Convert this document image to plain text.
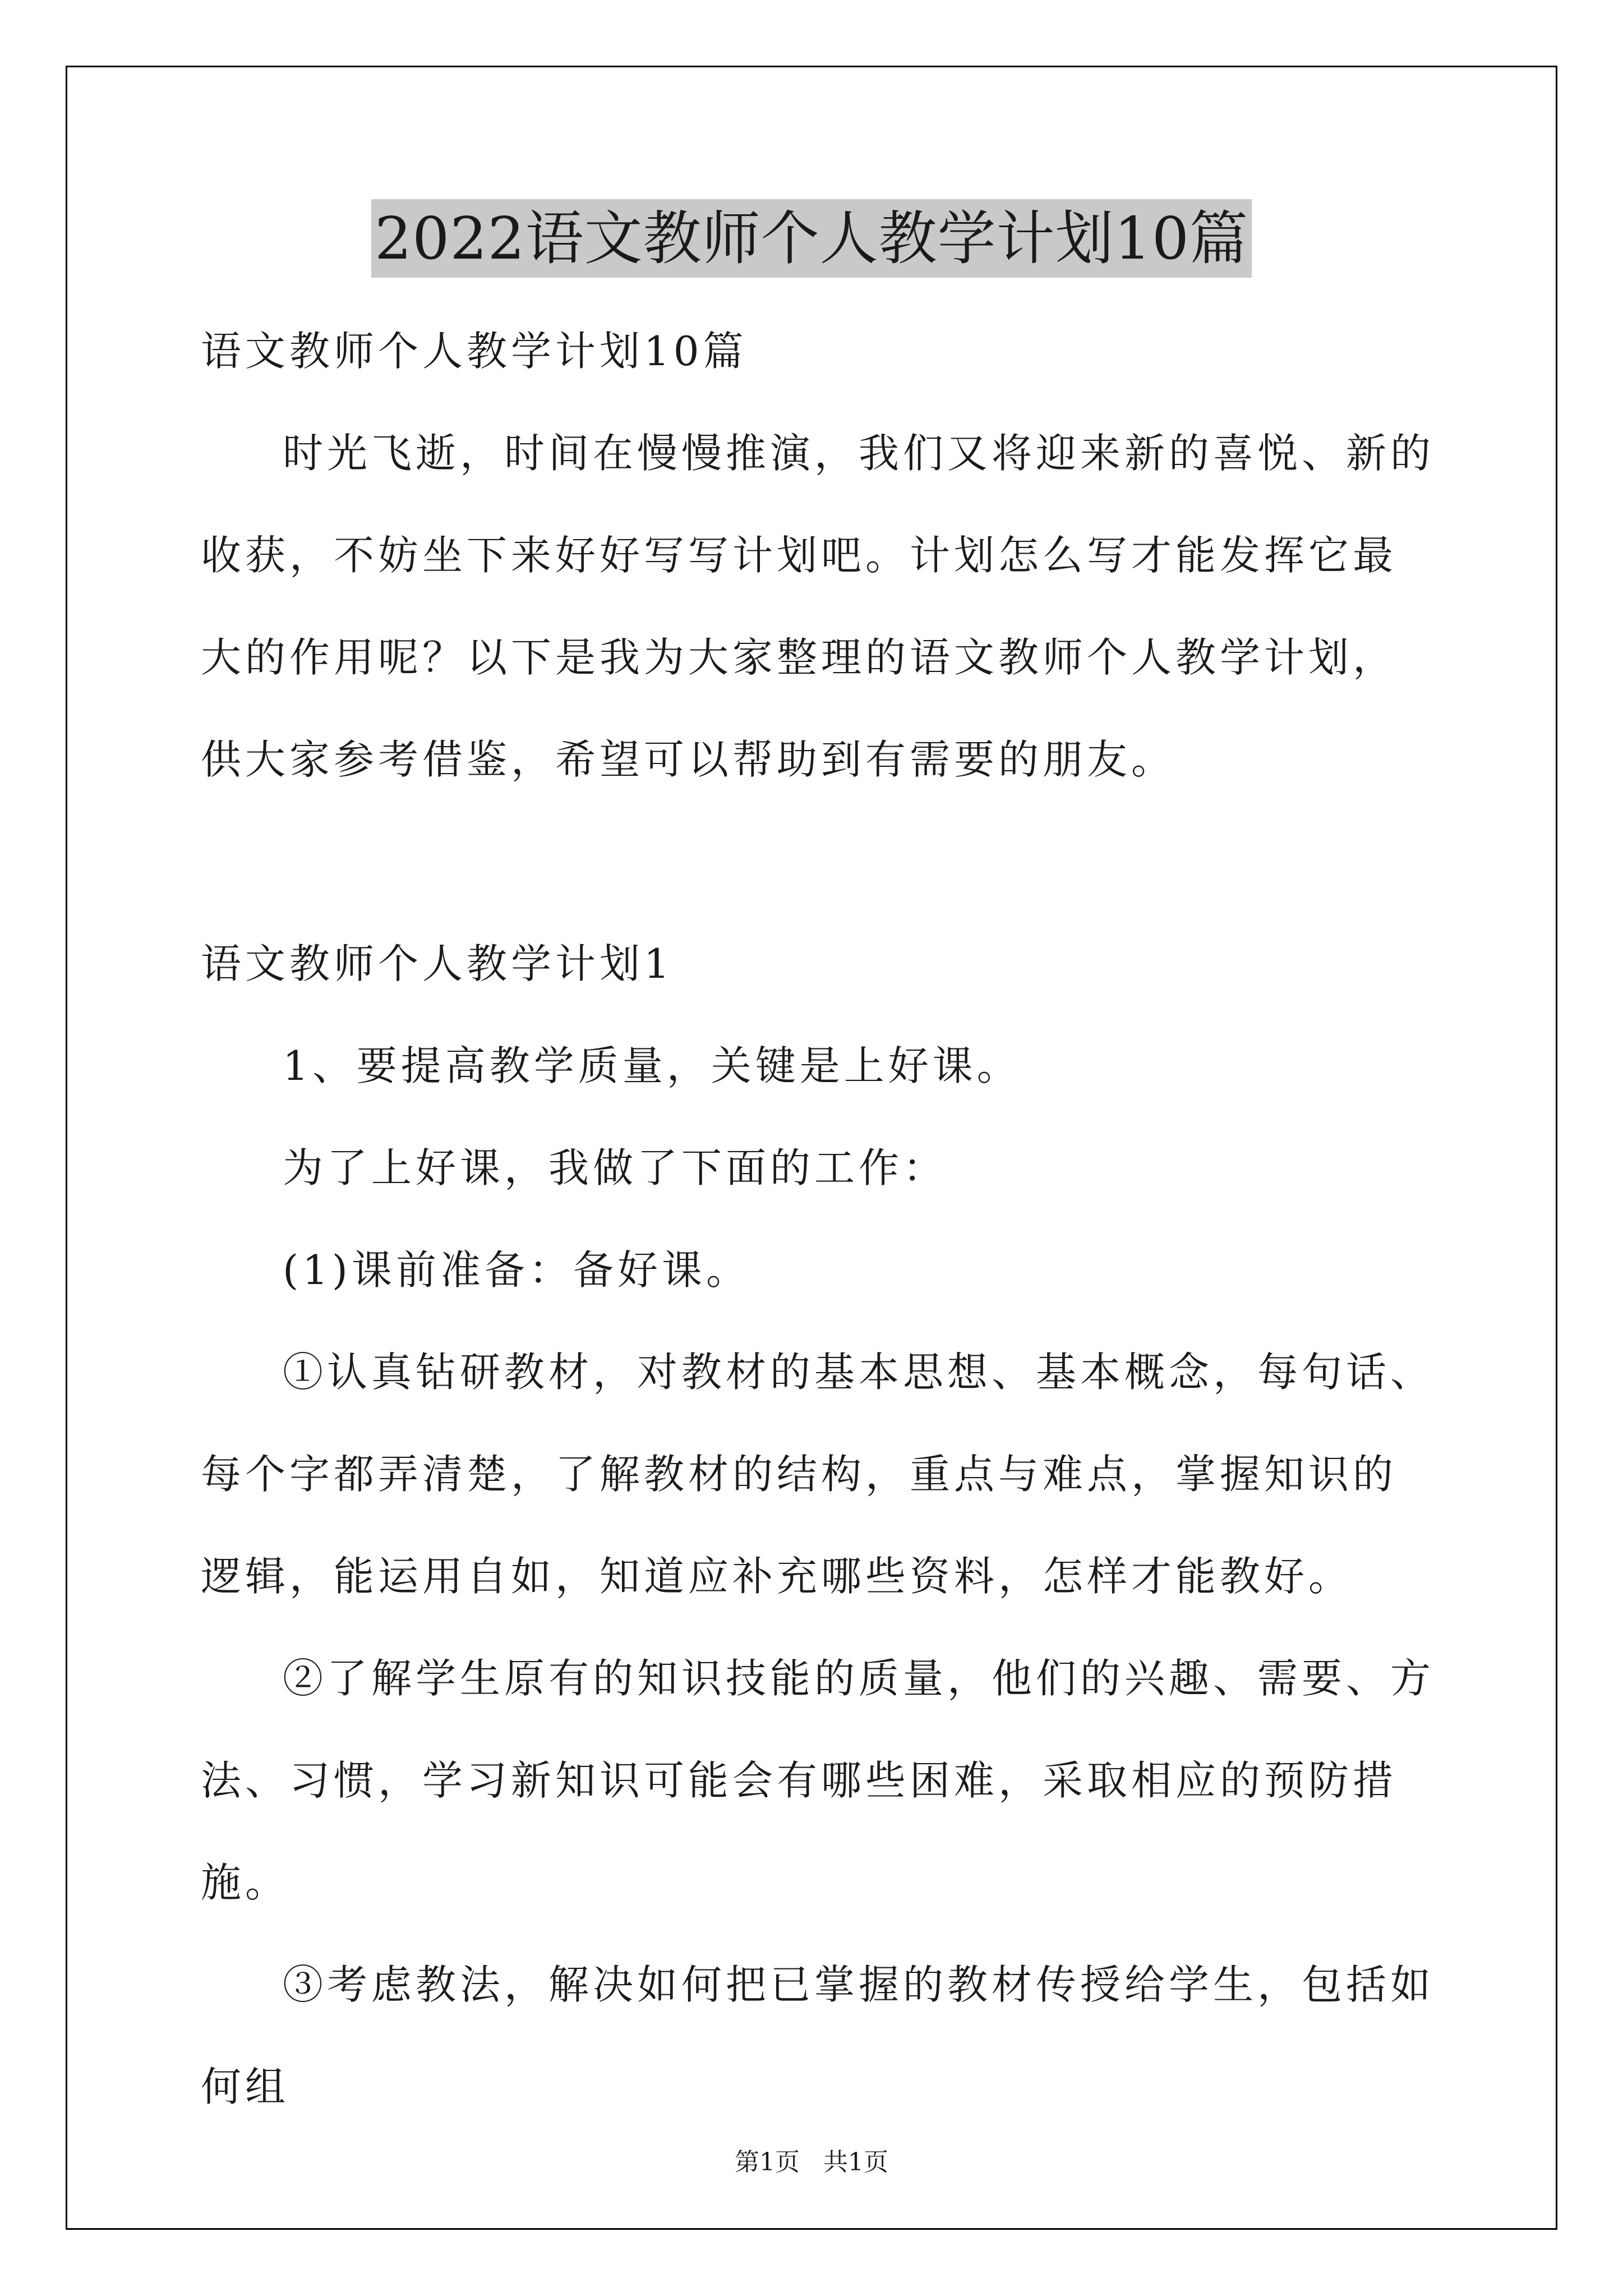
2022语文教师个人教学计划10篇

语文教师个人教学计划10篇

时光飞逝，时间在慢慢推演，我们又将迎来新的喜悦、新的收获，不妨坐下来好好写写计划吧。计划怎么写才能发挥它最大的作用呢？以下是我为大家整理的语文教师个人教学计划，供大家参考借鉴，希望可以帮助到有需要的朋友。

语文教师个人教学计划1

1、要提高教学质量，关键是上好课。

为了上好课，我做了下面的工作：

(1)课前准备：备好课。

①认真钻研教材，对教材的基本思想、基本概念，每句话、每个字都弄清楚，了解教材的结构，重点与难点，掌握知识的逻辑，能运用自如，知道应补充哪些资料，怎样才能教好。

②了解学生原有的知识技能的质量，他们的兴趣、需要、方法、习惯，学习新知识可能会有哪些困难，采取相应的预防措施。

③考虑教法，解决如何把已掌握的教材传授给学生，包括如何组

第1页   共1页
